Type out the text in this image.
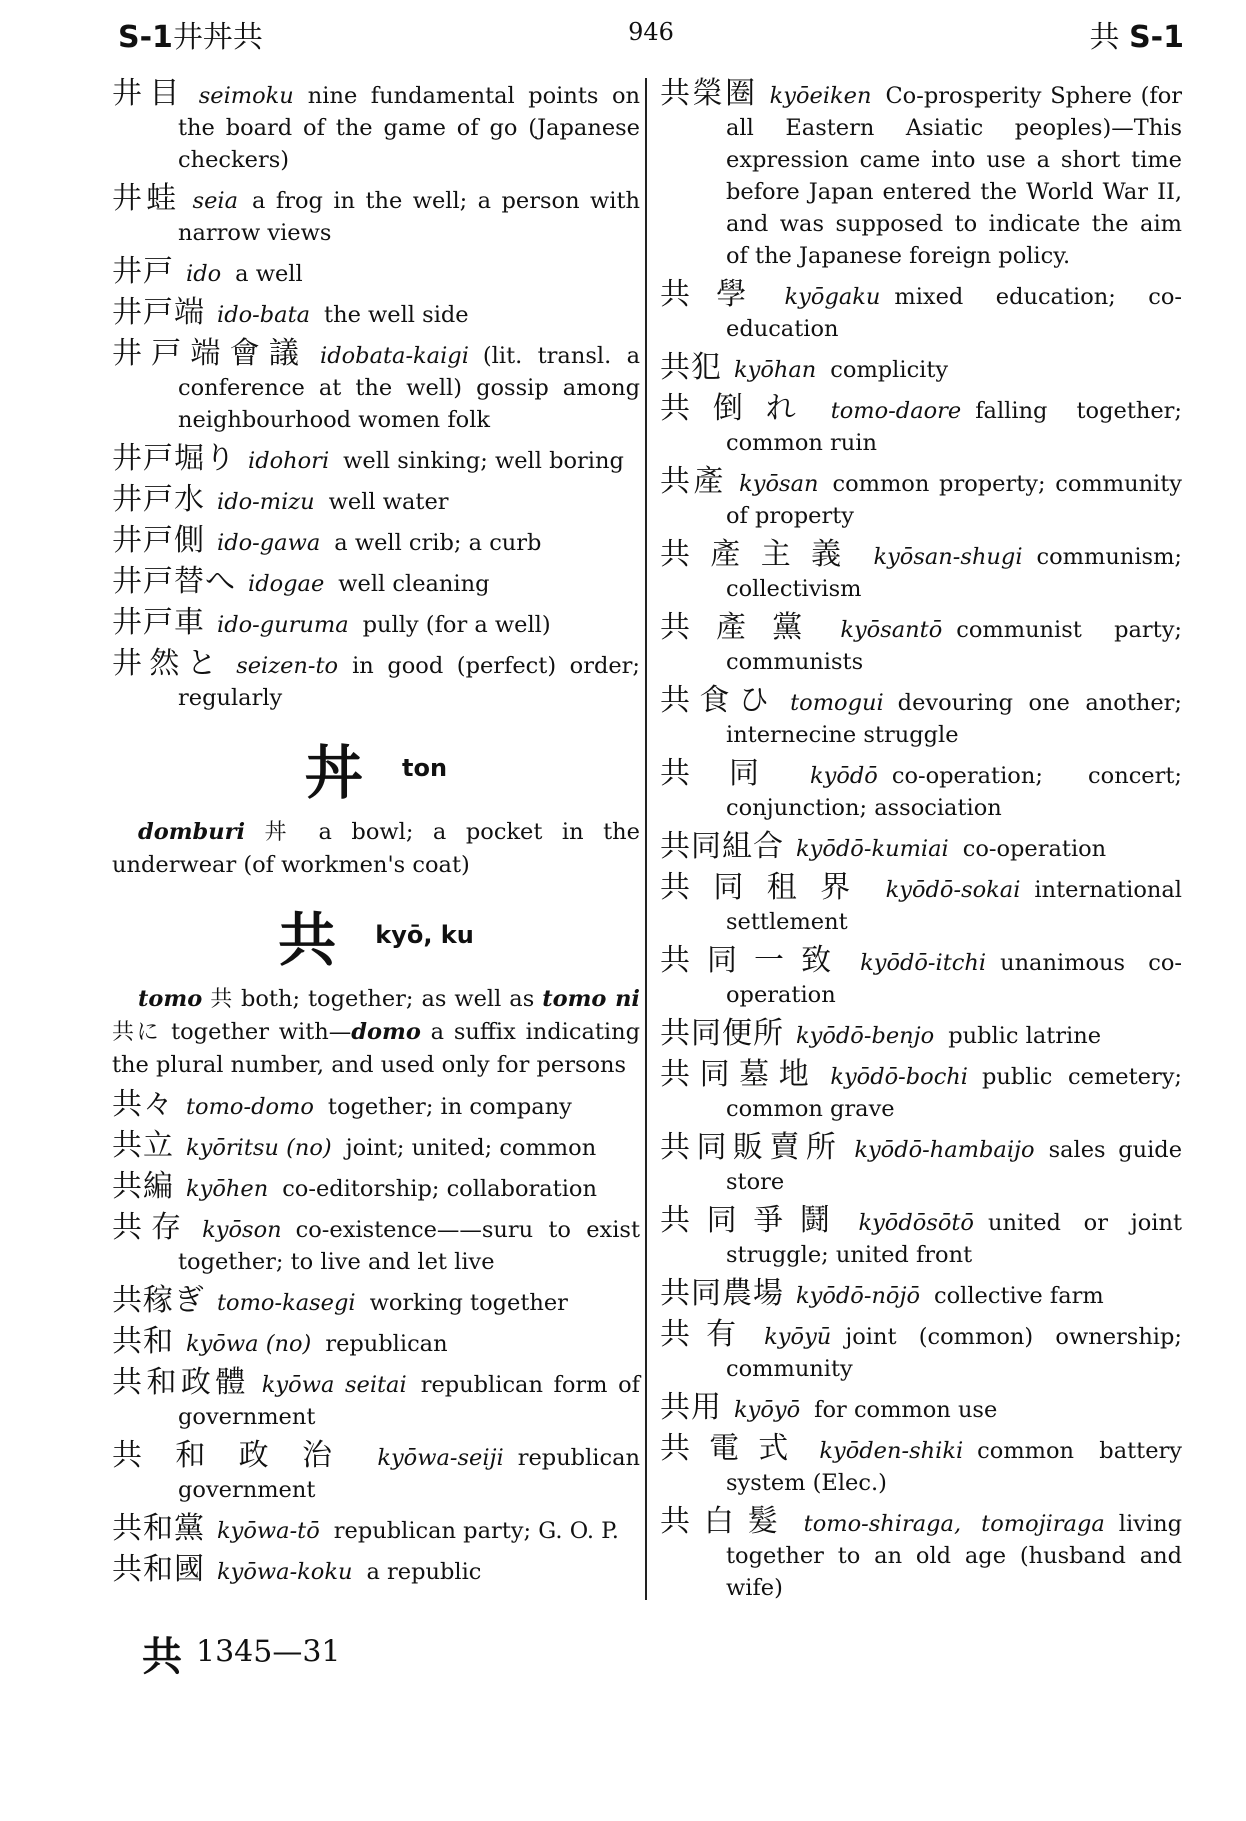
S-1井丼共	946	共 S-1
井目 seimoku nine fundamental points on the board of the game of go (Japanese checkers)
井蛙 seia a frog in the well; a person with narrow views
井戸 ido a well
井戸端 ido-bata the well side
井戸端會議 idobata-kaigi (lit. transl. a conference at the well) gossip among neighbourhood women folk
井戸堀り idohori well sinking; well boring
井戸水 ido-mizu well water
井戸側 ido-gawa a well crib; a curb
井戸替へ idogae well cleaning
井戸車 ido-guruma pully (for a well)
井然と seizen-to in good (perfect) order; regularly
丼 ton
domburi 丼 a bowl; a pocket in the underwear (of workmen's coat)
共 kyō, ku
tomo 共 both; together; as well as tomo ni 共に together with—domo a suffix indicating the plural number, and used only for persons
共々 tomo-domo together; in company
共立 kyōritsu (no) joint; united; common
共編 kyōhen co-editorship; collaboration
共存 kyōson co-existence——suru to exist together; to live and let live
共稼ぎ tomo-kasegi working together
共和 kyōwa (no) republican
共和政體 kyōwa seitai republican form of government
共和政治 kyōwa-seiji republican government
共和黨 kyōwa-tō republican party; G. O. P.
共和國 kyōwa-koku a republic
共榮圈 kyōeiken Co-prosperity Sphere (for all Eastern Asiatic peoples)—This expression came into use a short time before Japan entered the World War II, and was supposed to indicate the aim of the Japanese foreign policy.
共學 kyōgaku mixed education; co-education
共犯 kyōhan complicity
共倒れ tomo-daore falling together; common ruin
共產 kyōsan common property; community of property
共產主義 kyōsan-shugi communism; collectivism
共產黨 kyōsantō communist party; communists
共食ひ tomogui devouring one another; internecine struggle
共同 kyōdō co-operation; concert; conjunction; association
共同組合 kyōdō-kumiai co-operation
共同租界 kyōdō-sokai international settlement
共同一致 kyōdō-itchi unanimous co-operation
共同便所 kyōdō-benjo public latrine
共同墓地 kyōdō-bochi public cemetery; common grave
共同販賣所 kyōdō-hambaijo sales guide store
共同爭鬪 kyōdōsōtō united or joint struggle; united front
共同農場 kyōdō-nōjō collective farm
共有 kyōyū joint (common) ownership; community
共用 kyōyō for common use
共電式 kyōden-shiki common battery system (Elec.)
共白髮 tomo-shiraga, tomojiraga living together to an old age (husband and wife)
共 1345—31
